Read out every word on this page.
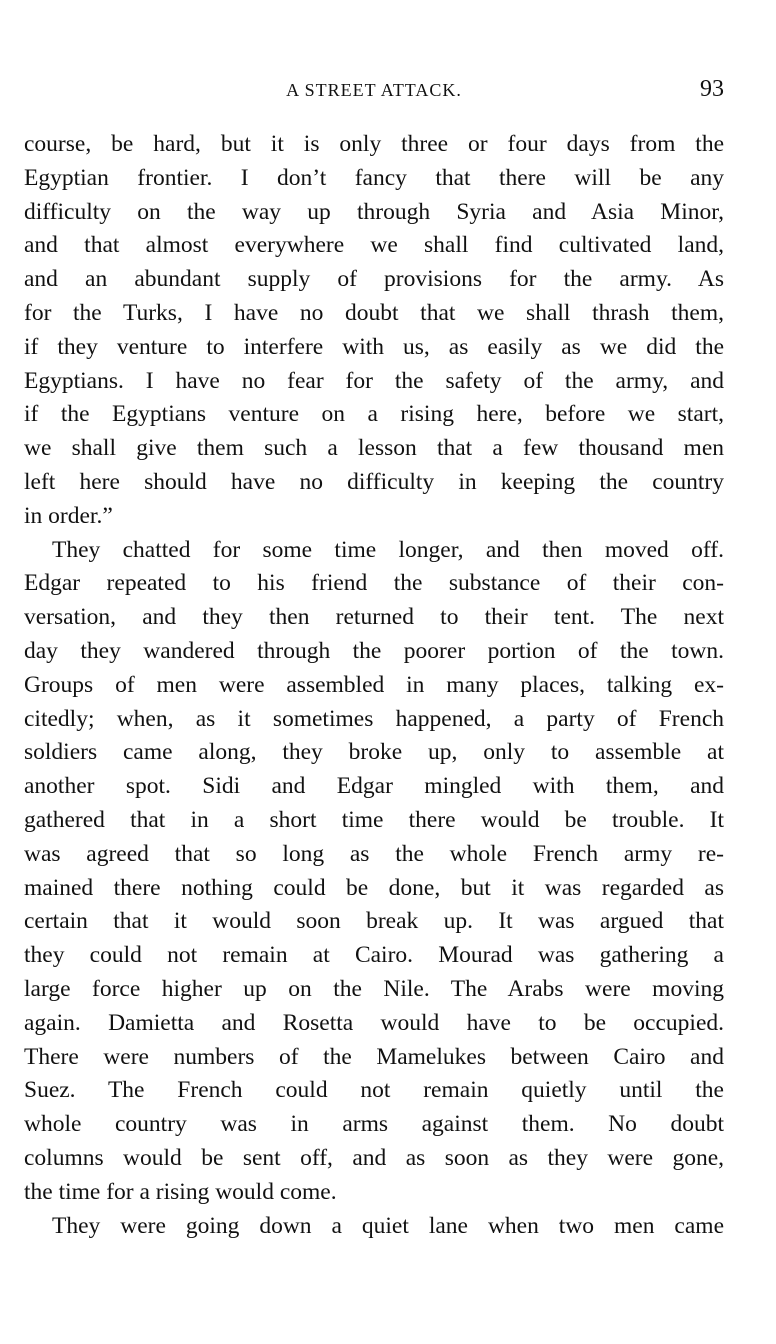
A STREET ATTACK.	93
course, be hard, but it is only three or four days from the
Egyptian frontier. I don’t fancy that there will be any
difficulty on the way up through Syria and Asia Minor,
and that almost everywhere we shall find cultivated land,
and an abundant supply of provisions for the army. As
for the Turks, I have no doubt that we shall thrash them,
if they venture to interfere with us, as easily as we did the
Egyptians. I have no fear for the safety of the army, and
if the Egyptians venture on a rising here, before we start,
we shall give them such a lesson that a few thousand men
left here should have no difficulty in keeping the country
in order.”
They chatted for some time longer, and then moved off.
Edgar repeated to his friend the substance of their con-
versation, and they then returned to their tent. The next
day they wandered through the poorer portion of the town.
Groups of men were assembled in many places, talking ex-
citedly; when, as it sometimes happened, a party of French
soldiers came along, they broke up, only to assemble at
another spot. Sidi and Edgar mingled with them, and
gathered that in a short time there would be trouble. It
was agreed that so long as the whole French army re-
mained there nothing could be done, but it was regarded as
certain that it would soon break up. It was argued that
they could not remain at Cairo. Mourad was gathering a
large force higher up on the Nile. The Arabs were moving
again. Damietta and Rosetta would have to be occupied.
There were numbers of the Mamelukes between Cairo and
Suez. The French could not remain quietly until the
whole country was in arms against them. No doubt
columns would be sent off, and as soon as they were gone,
the time for a rising would come.
They were going down a quiet lane when two men came
